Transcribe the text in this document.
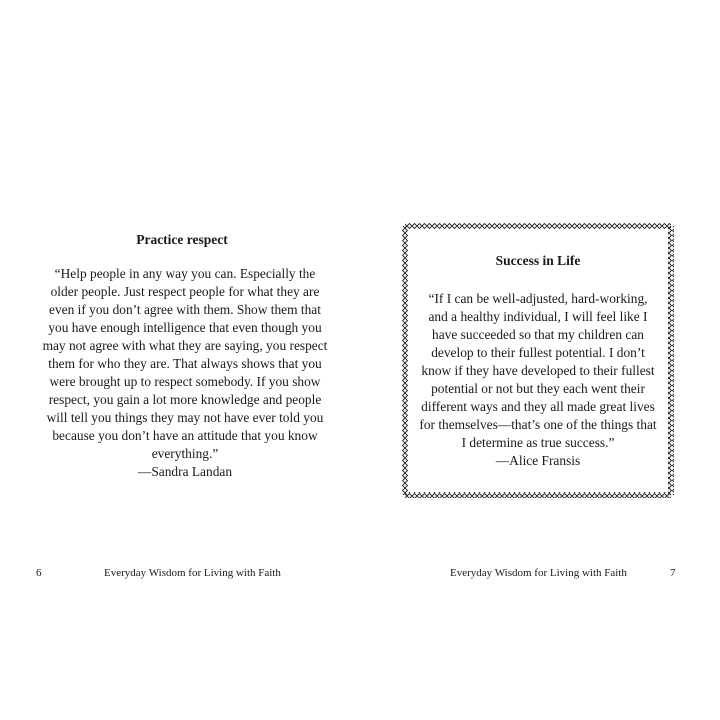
Practice respect
“Help people in any way you can. Especially the
older people. Just respect people for what they are
even if you don’t agree with them. Show them that
you have enough intelligence that even though you
may not agree with what they are saying, you respect
them for who they are. That always shows that you
were brought up to respect somebody. If you show
respect, you gain a lot more knowledge and people
will tell you things they may not have ever told you
because you don’t have an attitude that you know
everything.”
—Sandra Landan
6	Everyday Wisdom for Living with Faith
Success in Life
“If I can be well-adjusted, hard-working,
and a healthy individual, I will feel like I
have succeeded so that my children can
develop to their fullest potential. I don’t
know if they have developed to their fullest
potential or not but they each went their
different ways and they all made great lives
for themselves—that’s one of the things that
I determine as true success.”
—Alice Fransis
Everyday Wisdom for Living with Faith	7
